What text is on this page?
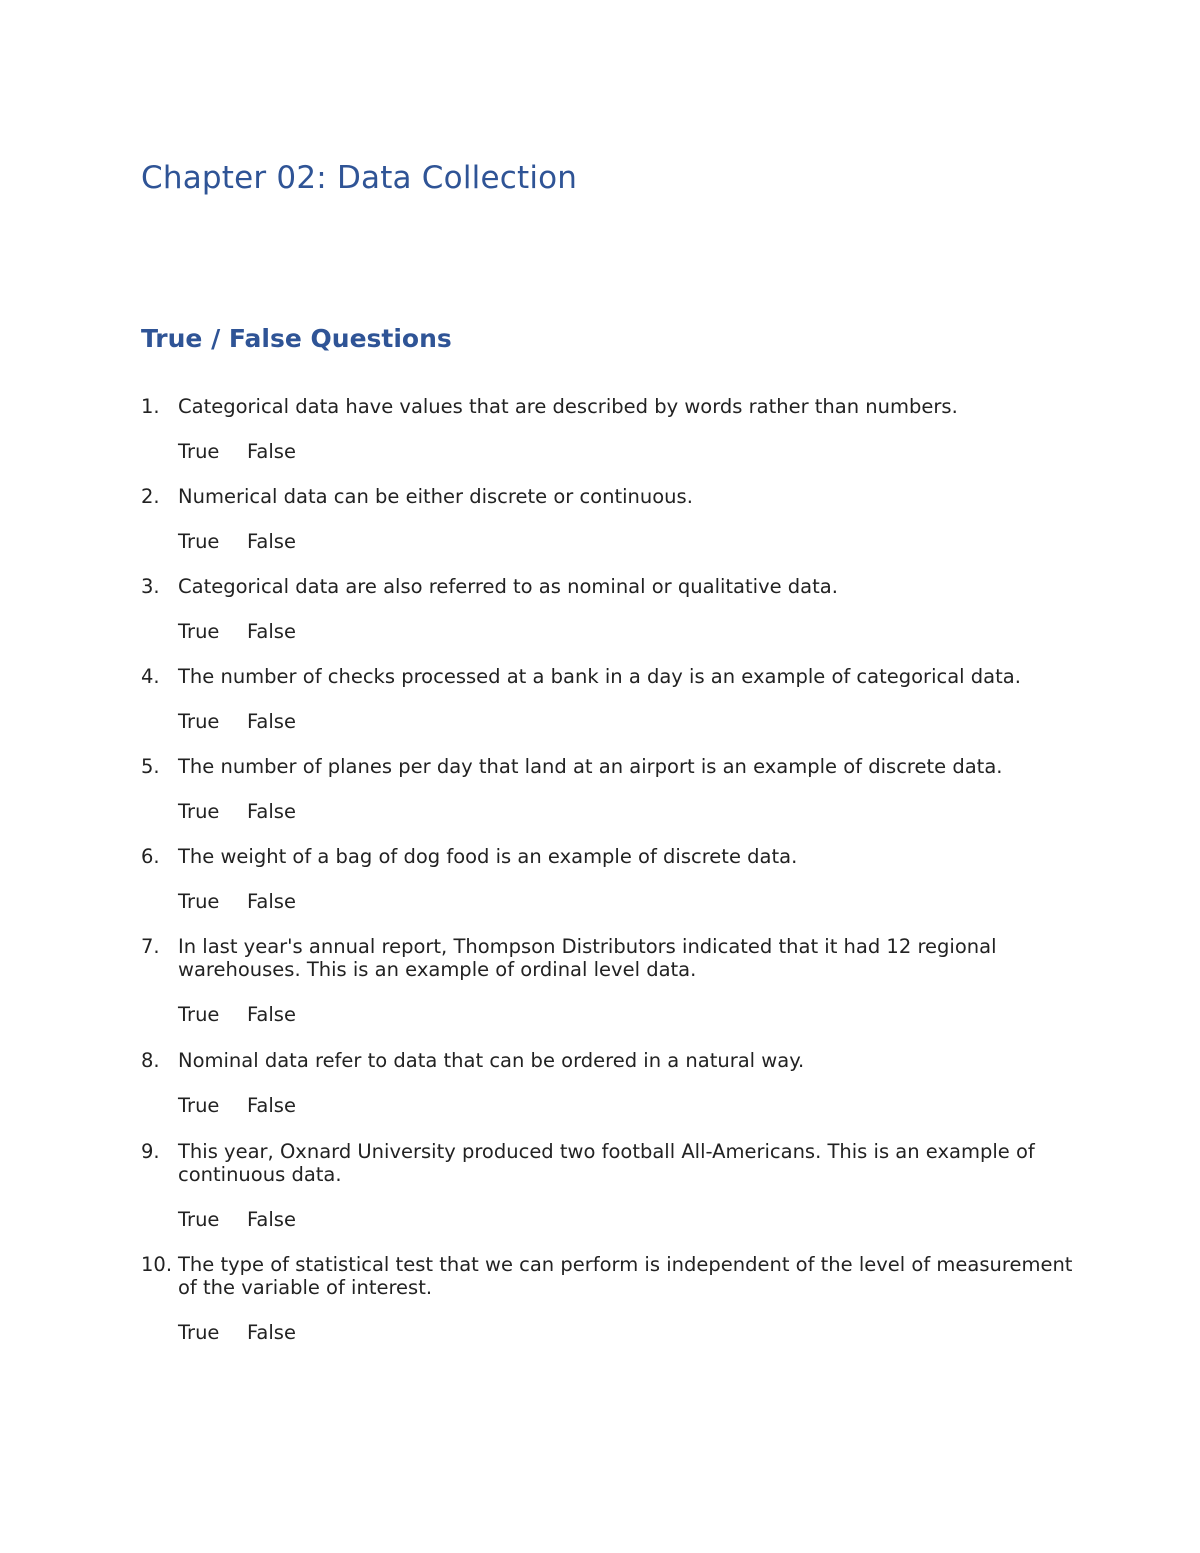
Chapter 02: Data Collection
True / False Questions
1. Categorical data have values that are described by words rather than numbers.
True False
2. Numerical data can be either discrete or continuous.
True False
3. Categorical data are also referred to as nominal or qualitative data.
True False
4. The number of checks processed at a bank in a day is an example of categorical data.
True False
5. The number of planes per day that land at an airport is an example of discrete data.
True False
6. The weight of a bag of dog food is an example of discrete data.
True False
7. In last year's annual report, Thompson Distributors indicated that it had 12 regional warehouses. This is an example of ordinal level data.
True False
8. Nominal data refer to data that can be ordered in a natural way.
True False
9. This year, Oxnard University produced two football All-Americans. This is an example of continuous data.
True False
10. The type of statistical test that we can perform is independent of the level of measurement of the variable of interest.
True False
